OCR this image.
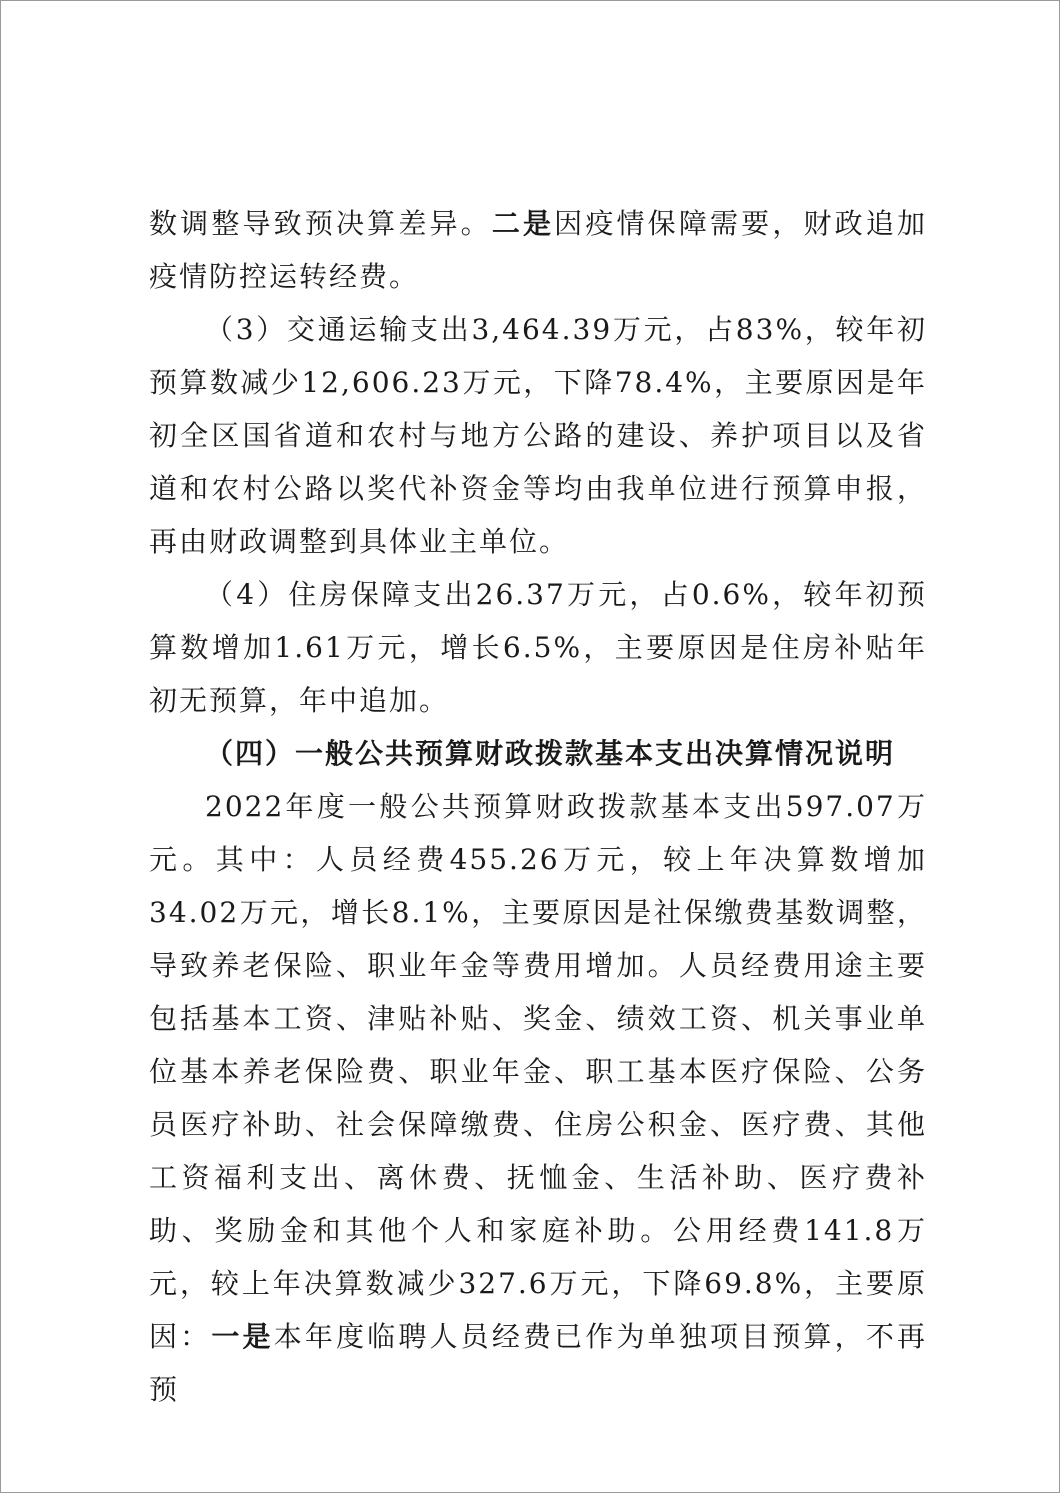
数调整导致预决算差异。二是因疫情保障需要，财政追加疫情防控运转经费。

（3）交通运输支出3,464.39万元，占83%，较年初预算数减少12,606.23万元，下降78.4%，主要原因是年初全区国省道和农村与地方公路的建设、养护项目以及省道和农村公路以奖代补资金等均由我单位进行预算申报，再由财政调整到具体业主单位。

（4）住房保障支出26.37万元，占0.6%，较年初预算数增加1.61万元，增长6.5%，主要原因是住房补贴年初无预算，年中追加。

（四）一般公共预算财政拨款基本支出决算情况说明

2022年度一般公共预算财政拨款基本支出597.07万元。其中：人员经费455.26万元，较上年决算数增加34.02万元，增长8.1%，主要原因是社保缴费基数调整，导致养老保险、职业年金等费用增加。人员经费用途主要包括基本工资、津贴补贴、奖金、绩效工资、机关事业单位基本养老保险费、职业年金、职工基本医疗保险、公务员医疗补助、社会保障缴费、住房公积金、医疗费、其他工资福利支出、离休费、抚恤金、生活补助、医疗费补助、奖励金和其他个人和家庭补助。公用经费141.8万元，较上年决算数减少327.6万元，下降69.8%，主要原因：一是本年度临聘人员经费已作为单独项目预算，不再预
